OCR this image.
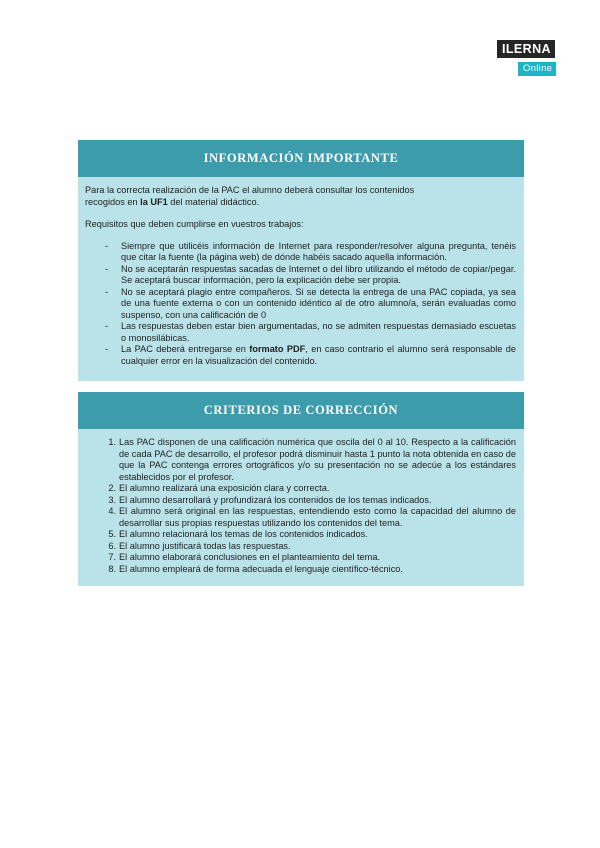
ILERNA
Online
INFORMACIÓN IMPORTANTE

Para la correcta realización de la PAC el alumno deberá consultar los contenidos
recogidos en la UF1 del material didáctico.

Requisitos que deben cumplirse en vuestros trabajos:

- Siempre que utilicéis información de Internet para responder/resolver alguna pregunta, tenéis que citar la fuente (la página web) de dónde habéis sacado aquella información.
- No se aceptarán respuestas sacadas de Internet o del libro utilizando el método de copiar/pegar. Se aceptará buscar información, pero la explicación debe ser propia.
- No se aceptará plagio entre compañeros. Si se detecta la entrega de una PAC copiada, ya sea de una fuente externa o con un contenido idéntico al de otro alumno/a, serán evaluadas como suspenso, con una calificación de 0
- Las respuestas deben estar bien argumentadas, no se admiten respuestas demasiado escuetas o monosilábicas.
- La PAC deberá entregarse en formato PDF, en caso contrario el alumno será responsable de cualquier error en la visualización del contenido.
CRITERIOS DE CORRECCIÓN
1. Las PAC disponen de una calificación numérica que oscila del 0 al 10. Respecto a la calificación de cada PAC de desarrollo, el profesor podrá disminuir hasta 1 punto la nota obtenida en caso de que la PAC contenga errores ortográficos y/o su presentación no se adecúe a los estándares establecidos por el profesor.
2. El alumno realizará una exposición clara y correcta.
3. El alumno desarrollará y profundizará los contenidos de los temas indicados.
4. El alumno será original en las respuestas, entendiendo esto como la capacidad del alumno de desarrollar sus propias respuestas utilizando los contenidos del tema.
5. El alumno relacionará los temas de los contenidos indicados.
6. El alumno justificará todas las respuestas.
7. El alumno elaborará conclusiones en el planteamiento del tema.
8. El alumno empleará de forma adecuada el lenguaje científico-técnico.
